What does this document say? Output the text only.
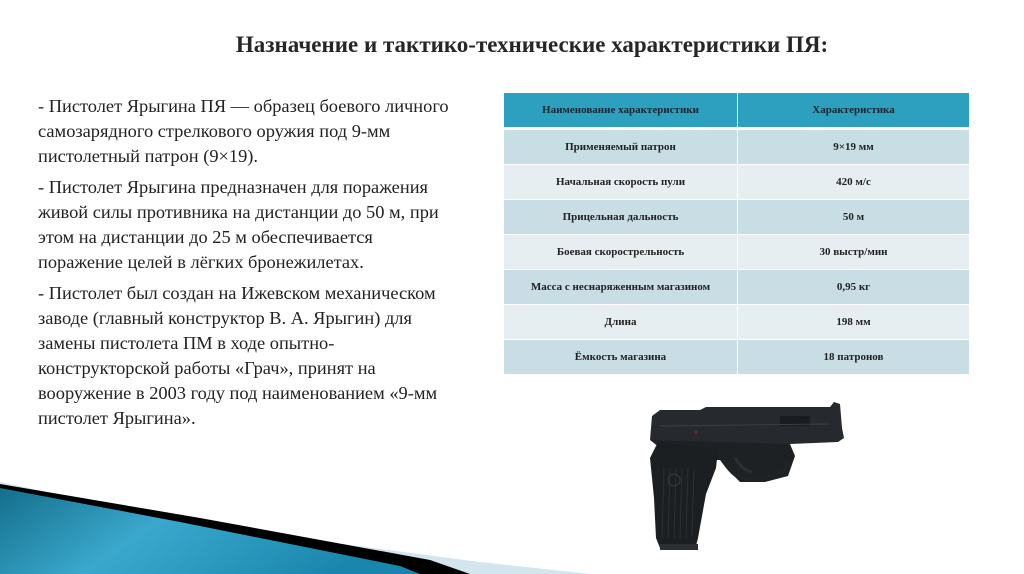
Назначение и тактико-технические характеристики ПЯ:

- Пистолет Ярыгина ПЯ — образец боевого личного самозарядного стрелкового оружия под 9-мм пистолетный патрон (9×19).

- Пистолет Ярыгина предназначен для поражения живой силы противника на дистанции до 50 м, при этом на дистанции до 25 м обеспечивается поражение целей в лёгких бронежилетах.

- Пистолет был создан на Ижевском механическом заводе (главный конструктор В. А. Ярыгин) для замены пистолета ПМ в ходе опытно-конструкторской работы «Грач», принят на вооружение в 2003 году под наименованием «9-мм пистолет Ярыгина».

Наименование характеристики	Характеристика
Применяемый патрон	9×19 мм
Начальная скорость пули	420 м/с
Прицельная дальность	50 м
Боевая скорострельность	30 выстр/мин
Масса с неснаряженным магазином	0,95 кг
Длина	198 мм
Ёмкость магазина	18 патронов
